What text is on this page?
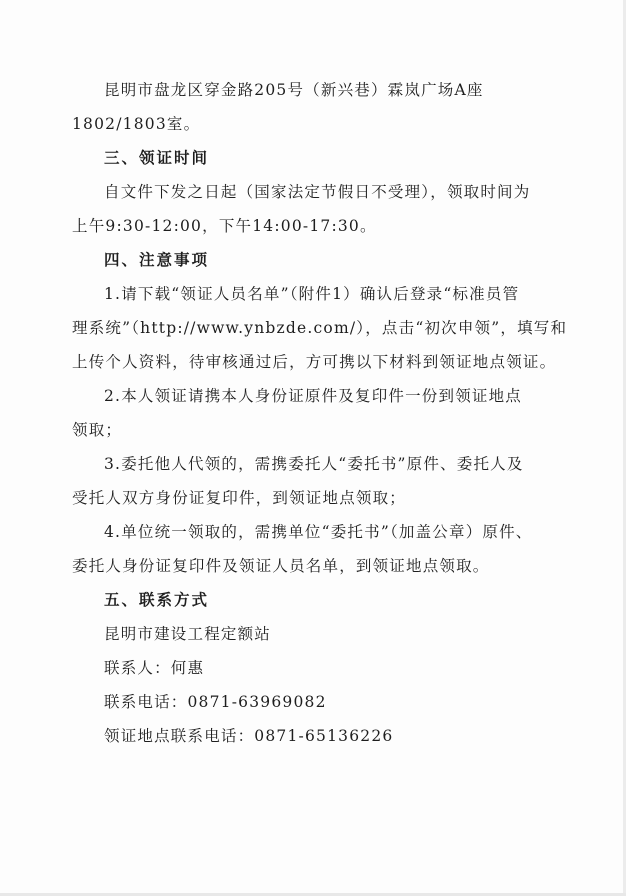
昆明市盘龙区穿金路205号（新兴巷）霖岚广场A座
1802/1803室。
三、领证时间
自文件下发之日起（国家法定节假日不受理），领取时间为
上午9:30-12:00，下午14:00-17:30。
四、注意事项
1.请下载“领证人员名单”（附件1）确认后登录“标准员管
理系统”（http://www.ynbzde.com/），点击“初次申领”，填写和
上传个人资料，待审核通过后，方可携以下材料到领证地点领证。
2.本人领证请携本人身份证原件及复印件一份到领证地点
领取；
3.委托他人代领的，需携委托人“委托书”原件、委托人及
受托人双方身份证复印件，到领证地点领取；
4.单位统一领取的，需携单位“委托书”（加盖公章）原件、
委托人身份证复印件及领证人员名单，到领证地点领取。
五、联系方式
昆明市建设工程定额站
联系人：何惠
联系电话：0871-63969082
领证地点联系电话：0871-65136226
